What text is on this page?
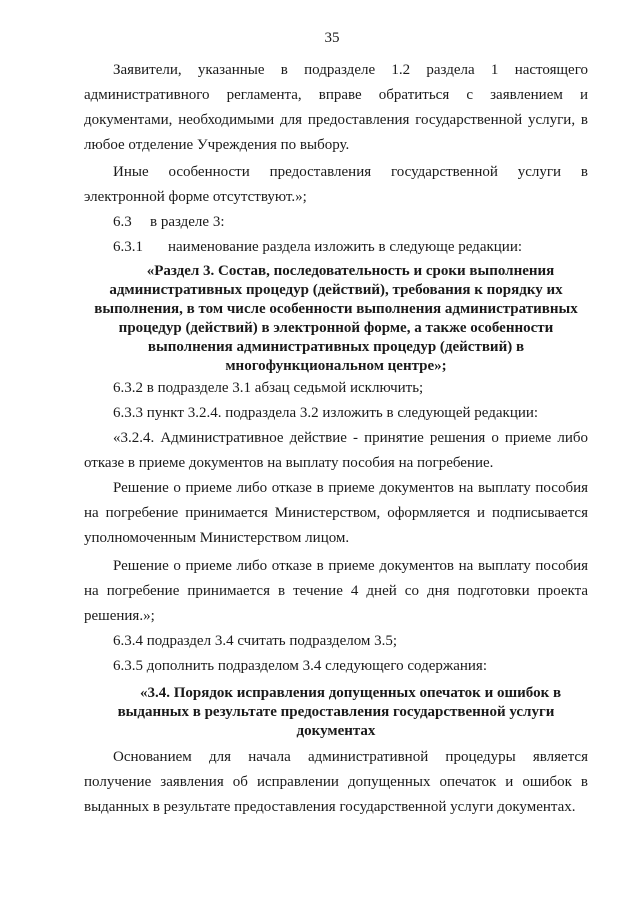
35
Заявители, указанные в подразделе 1.2 раздела 1 настоящего
административного регламента, вправе обратиться с заявлением и
документами, необходимыми для предоставления государственной услуги, в
любое отделение Учреждения по выбору.
Иные особенности предоставления государственной услуги в
электронной форме отсутствуют.»;
6.3 в разделе 3:
6.3.1 наименование раздела изложить в следующе редакции:
«Раздел 3. Состав, последовательность и сроки выполнения
административных процедур (действий), требования к порядку их
выполнения, в том числе особенности выполнения административных
процедур (действий) в электронной форме, а также особенности
выполнения административных процедур (действий) в
многофункциональном центре»;
6.3.2 в подразделе 3.1 абзац седьмой исключить;
6.3.3 пункт 3.2.4. подраздела 3.2 изложить в следующей редакции:
«3.2.4. Административное действие - принятие решения о приеме либо
отказе в приеме документов на выплату пособия на погребение.
Решение о приеме либо отказе в приеме документов на выплату пособия
на погребение принимается Министерством, оформляется и подписывается
уполномоченным Министерством лицом.
Решение о приеме либо отказе в приеме документов на выплату пособия
на погребение принимается в течение 4 дней со дня подготовки проекта
решения.»;
6.3.4 подраздел 3.4 считать подразделом 3.5;
6.3.5 дополнить подразделом 3.4 следующего содержания:
«3.4. Порядок исправления допущенных опечаток и ошибок в
выданных в результате предоставления государственной услуги
документах
Основанием для начала административной процедуры является
получение заявления об исправлении допущенных опечаток и ошибок в
выданных в результате предоставления государственной услуги документах.
